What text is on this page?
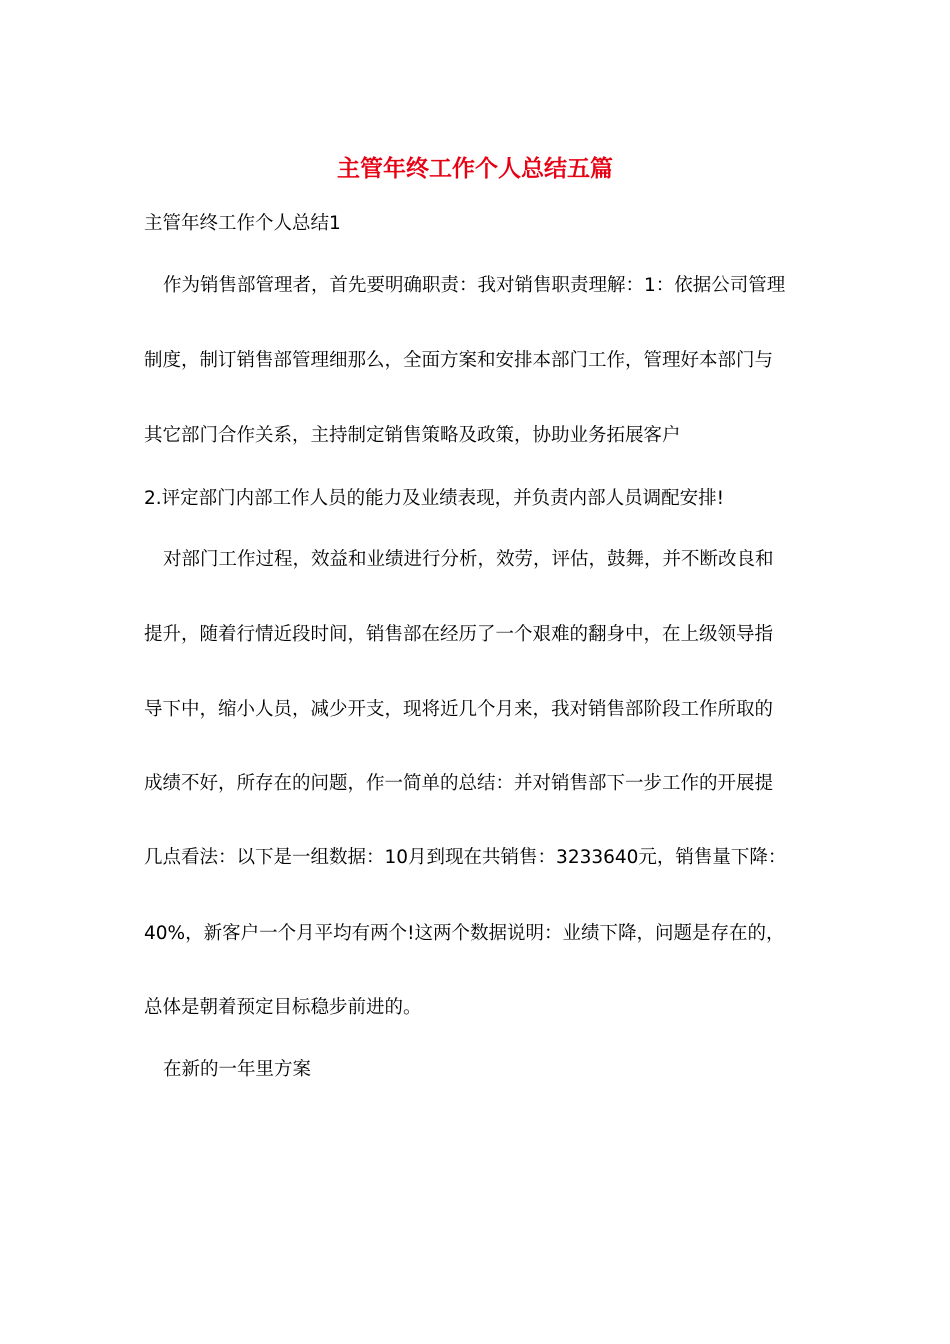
主管年终工作个人总结五篇

主管年终工作个人总结1

作为销售部管理者，首先要明确职责：我对销售职责理解：1：依据公司管理

制度，制订销售部管理细那么，全面方案和安排本部门工作，管理好本部门与

其它部门合作关系，主持制定销售策略及政策，协助业务拓展客户

2.评定部门内部工作人员的能力及业绩表现，并负责内部人员调配安排!

对部门工作过程，效益和业绩进行分析，效劳，评估，鼓舞，并不断改良和

提升，随着行情近段时间，销售部在经历了一个艰难的翻身中，在上级领导指

导下中，缩小人员，减少开支，现将近几个月来，我对销售部阶段工作所取的

成绩不好，所存在的问题，作一简单的总结：并对销售部下一步工作的开展提

几点看法：以下是一组数据：10月到现在共销售：3233640元，销售量下降：

40%，新客户一个月平均有两个!这两个数据说明：业绩下降，问题是存在的，

总体是朝着预定目标稳步前进的。

在新的一年里方案
